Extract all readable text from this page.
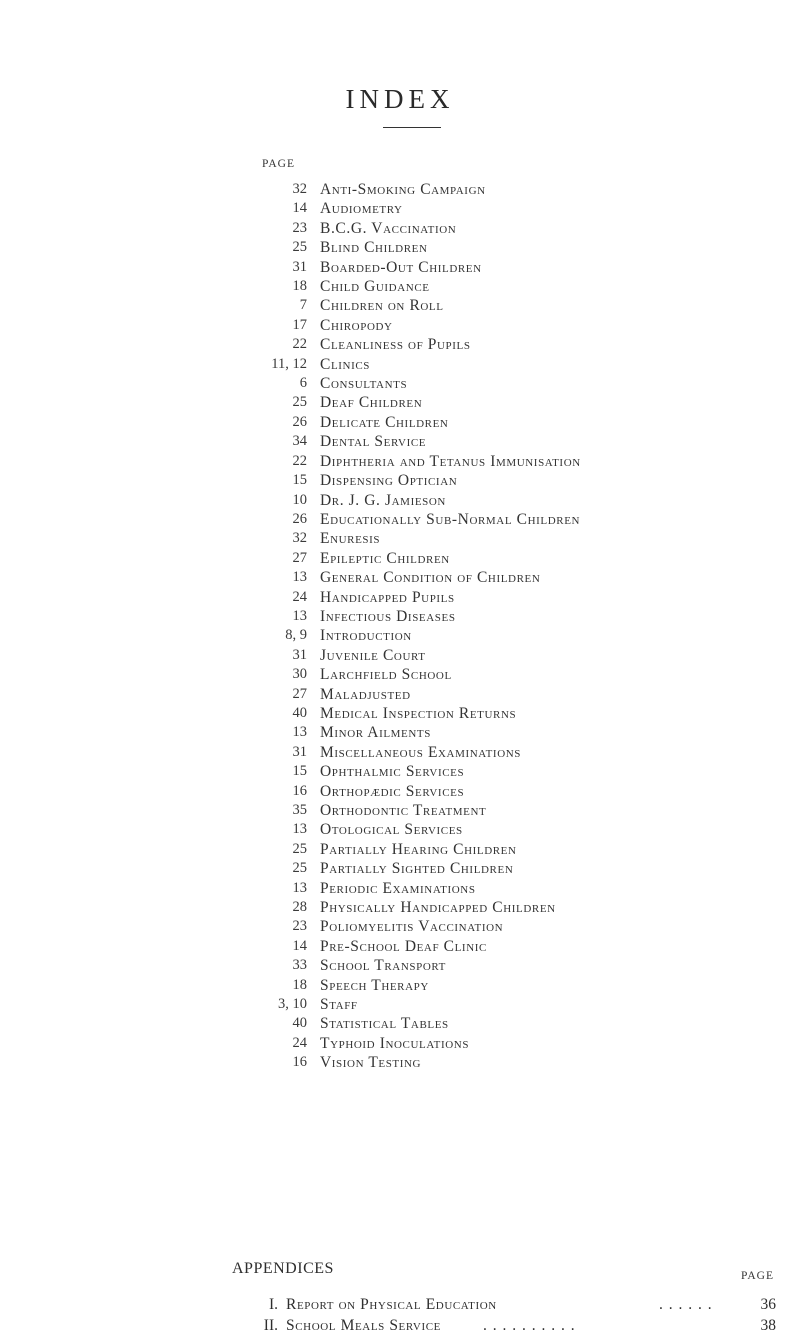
INDEX
PAGE
32 Anti-Smoking Campaign
14 Audiometry
23 B.C.G. Vaccination
25 Blind Children
31 Boarded-Out Children
18 Child Guidance
7 Children on Roll
17 Chiropody
22 Cleanliness of Pupils
11, 12 Clinics
6 Consultants
25 Deaf Children
26 Delicate Children
34 Dental Service
22 Diphtheria and Tetanus Immunisation
15 Dispensing Optician
10 Dr. J. G. Jamieson
26 Educationally Sub-Normal Children
32 Enuresis
27 Epileptic Children
13 General Condition of Children
24 Handicapped Pupils
13 Infectious Diseases
8, 9 Introduction
31 Juvenile Court
30 Larchfield School
27 Maladjusted
40 Medical Inspection Returns
13 Minor Ailments
31 Miscellaneous Examinations
15 Ophthalmic Services
16 Orthopædic Services
35 Orthodontic Treatment
13 Otological Services
25 Partially Hearing Children
25 Partially Sighted Children
13 Periodic Examinations
28 Physically Handicapped Children
23 Poliomyelitis Vaccination
14 Pre-School Deaf Clinic
33 School Transport
18 Speech Therapy
3, 10 Staff
40 Statistical Tables
24 Typhoid Inoculations
16 Vision Testing
APPENDICES	PAGE
I. Report on Physical Education	. . . . . .	36
II. School Meals Service	. . . . . . . . . .	38
